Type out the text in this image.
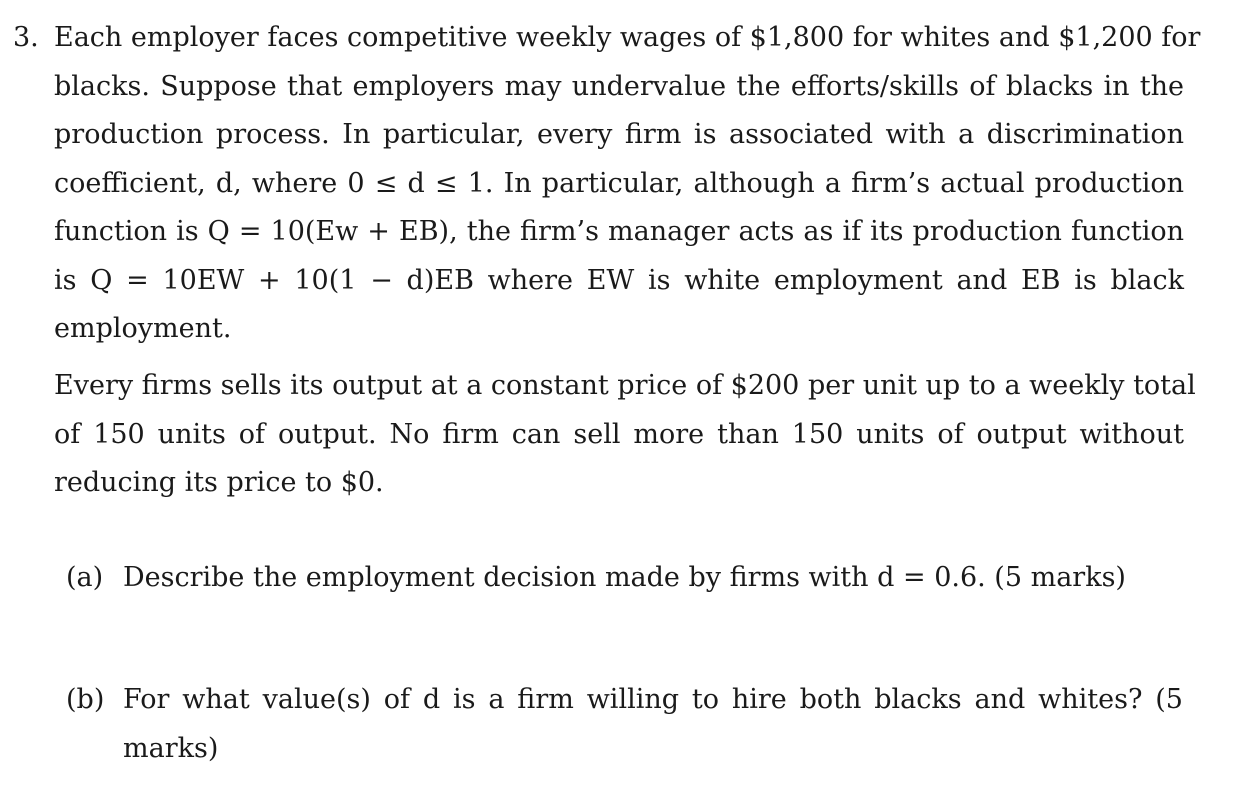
3. Each employer faces competitive weekly wages of $1,800 for whites and $1,200 for
blacks. Suppose that employers may undervalue the efforts/skills of blacks in the
production process. In particular, every firm is associated with a discrimination
coefficient, d, where 0 ≤ d ≤ 1. In particular, although a firm’s actual production
function is Q = 10(Ew + EB), the firm’s manager acts as if its production function
is Q = 10EW + 10(1 − d)EB where EW is white employment and EB is black
employment.
Every firms sells its output at a constant price of $200 per unit up to a weekly total
of 150 units of output. No firm can sell more than 150 units of output without
reducing its price to $0.
(a) Describe the employment decision made by firms with d = 0.6. (5 marks)
(b) For what value(s) of d is a firm willing to hire both blacks and whites? (5
marks)
